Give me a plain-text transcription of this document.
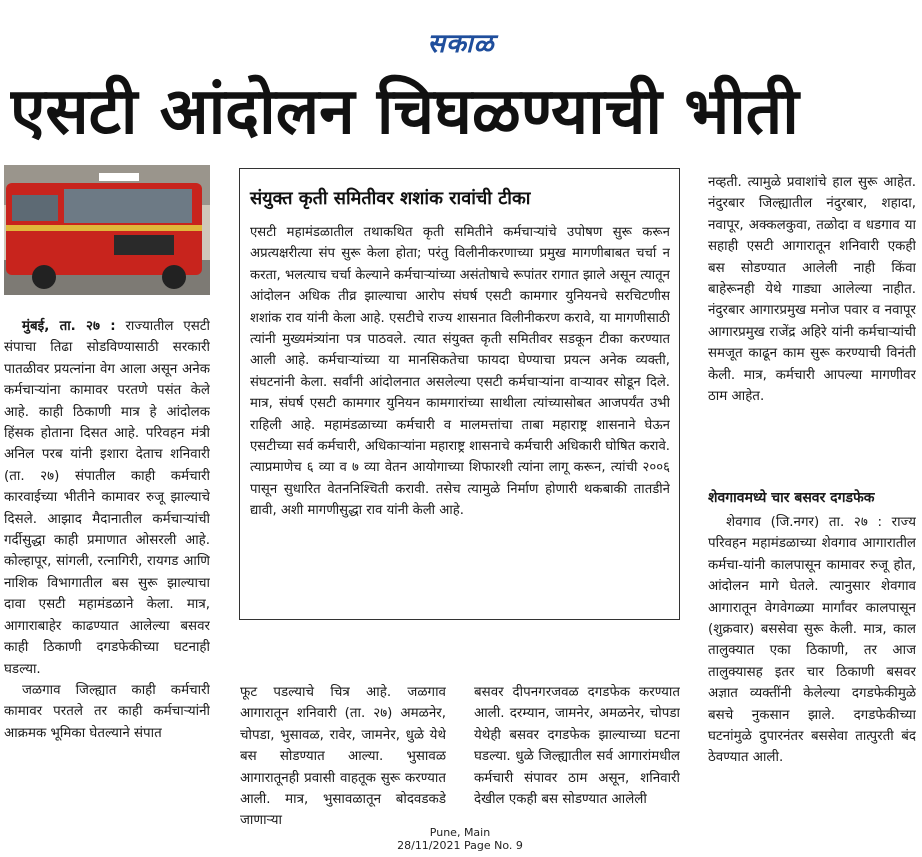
सकाळ
एसटी आंदोलन चिघळण्याची भीती

मुंबई, ता. २७ : राज्यातील एसटी संपाचा तिढा सोडविण्यासाठी सरकारी पातळीवर प्रयत्नांना वेग आला असून अनेक कर्मचाऱ्यांना कामावर परतणे पसंत केले आहे. काही ठिकाणी मात्र हे आंदोलक हिंसक होताना दिसत आहे. परिवहन मंत्री अनिल परब यांनी इशारा देताच शनिवारी (ता. २७) संपातील काही कर्मचारी कारवाईच्या भीतीने कामावर रुजू झाल्याचे दिसले. आझाद मैदानातील कर्मचाऱ्यांची गर्दीसुद्धा काही प्रमाणात ओसरली आहे. कोल्हापूर, सांगली, रत्नागिरी, रायगड आणि नाशिक विभागातील बस सुरू झाल्याचा दावा एसटी महामंडळाने केला. मात्र, आगाराबाहेर काढण्यात आलेल्या बसवर काही ठिकाणी दगडफेकीच्या घटनाही घडल्या.

जळगाव जिल्ह्यात काही कर्मचारी कामावर परतले तर काही कर्मचाऱ्यांनी आक्रमक भूमिका घेतल्याने संपात

संयुक्त कृती समितीवर शशांक रावांची टीका
एसटी महामंडळातील तथाकथित कृती समितीने कर्मचाऱ्यांचे उपोषण सुरू करून अप्रत्यक्षरीत्या संप सुरू केला होता; परंतु विलीनीकरणाच्या प्रमुख मागणीबाबत चर्चा न करता, भलत्याच चर्चा केल्याने कर्मचाऱ्यांच्या असंतोषाचे रूपांतर रागात झाले असून त्यातून आंदोलन अधिक तीव्र झाल्याचा आरोप संघर्ष एसटी कामगार युनियनचे सरचिटणीस शशांक राव यांनी केला आहे. एसटीचे राज्य शासनात विलीनीकरण करावे, या मागणीसाठी त्यांनी मुख्यमंत्र्यांना पत्र पाठवले. त्यात संयुक्त कृती समितीवर सडकून टीका करण्यात आली आहे. कर्मचाऱ्यांच्या या मानसिकतेचा फायदा घेण्याचा प्रयत्न अनेक व्यक्ती, संघटनांनी केला. सर्वांनी आंदोलनात असलेल्या एसटी कर्मचाऱ्यांना वाऱ्यावर सोडून दिले. मात्र, संघर्ष एसटी कामगार युनियन कामगारांच्या साथीला त्यांच्यासोबत आजपर्यंत उभी राहिली आहे. महामंडळाच्या कर्मचारी व मालमत्तांचा ताबा महाराष्ट्र शासनाने घेऊन एसटीच्या सर्व कर्मचारी, अधिकाऱ्यांना महाराष्ट्र शासनाचे कर्मचारी अधिकारी घोषित करावे. त्याप्रमाणेच ६ व्या व ७ व्या वेतन आयोगाच्या शिफारशी त्यांना लागू करून, त्यांची २००६ पासून सुधारित वेतननिश्चिती करावी. तसेच त्यामुळे निर्माण होणारी थकबाकी तातडीने द्यावी, अशी मागणीसुद्धा राव यांनी केली आहे.

फूट पडल्याचे चित्र आहे. जळगाव आगारातून शनिवारी (ता. २७) अमळनेर, चोपडा, भुसावळ, रावेर, जामनेर, धुळे येथे बस सोडण्यात आल्या. भुसावळ आगारातूनही प्रवासी वाहतूक सुरू करण्यात आली. मात्र, भुसावळातून बोदवडकडे जाणाऱ्या

बसवर दीपनगरजवळ दगडफेक करण्यात आली. दरम्यान, जामनेर, अमळनेर, चोपडा येथेही बसवर दगडफेक झाल्याच्या घटना घडल्या. धुळे जिल्ह्यातील सर्व आगारांमधील कर्मचारी संपावर ठाम असून, शनिवारी देखील एकही बस सोडण्यात आलेली

नव्हती. त्यामुळे प्रवाशांचे हाल सुरू आहेत. नंदुरबार जिल्ह्यातील नंदुरबार, शहादा, नवापूर, अक्कलकुवा, तळोदा व धडगाव या सहाही एसटी आगारातून शनिवारी एकही बस सोडण्यात आलेली नाही किंवा बाहेरूनही येथे गाड्या आलेल्या नाहीत. नंदुरबार आगारप्रमुख मनोज पवार व नवापूर आगारप्रमुख राजेंद्र अहिरे यांनी कर्मचाऱ्यांची समजूत काढून काम सुरू करण्याची विनंती केली. मात्र, कर्मचारी आपल्या मागणीवर ठाम आहेत.

शेवगावमध्ये चार बसवर दगडफेक

शेवगाव (जि.नगर) ता. २७ : राज्य परिवहन महामंडळाच्या शेवगाव आगारातील कर्मचा-यांनी कालपासून कामावर रुजू होत, आंदोलन मागे घेतले. त्यानुसार शेवगाव आगारातून वेगवेगळ्या मार्गांवर कालपासून (शुक्रवार) बससेवा सुरू केली. मात्र, काल तालुक्यात एका ठिकाणी, तर आज तालुक्यासह इतर चार ठिकाणी बसवर अज्ञात व्यक्तींनी केलेल्या दगडफेकीमुळे बसचे नुकसान झाले. दगडफेकीच्या घटनांमुळे दुपारनंतर बससेवा तात्पुरती बंद ठेवण्यात आली.

Pune, Main
28/11/2021 Page No. 9
